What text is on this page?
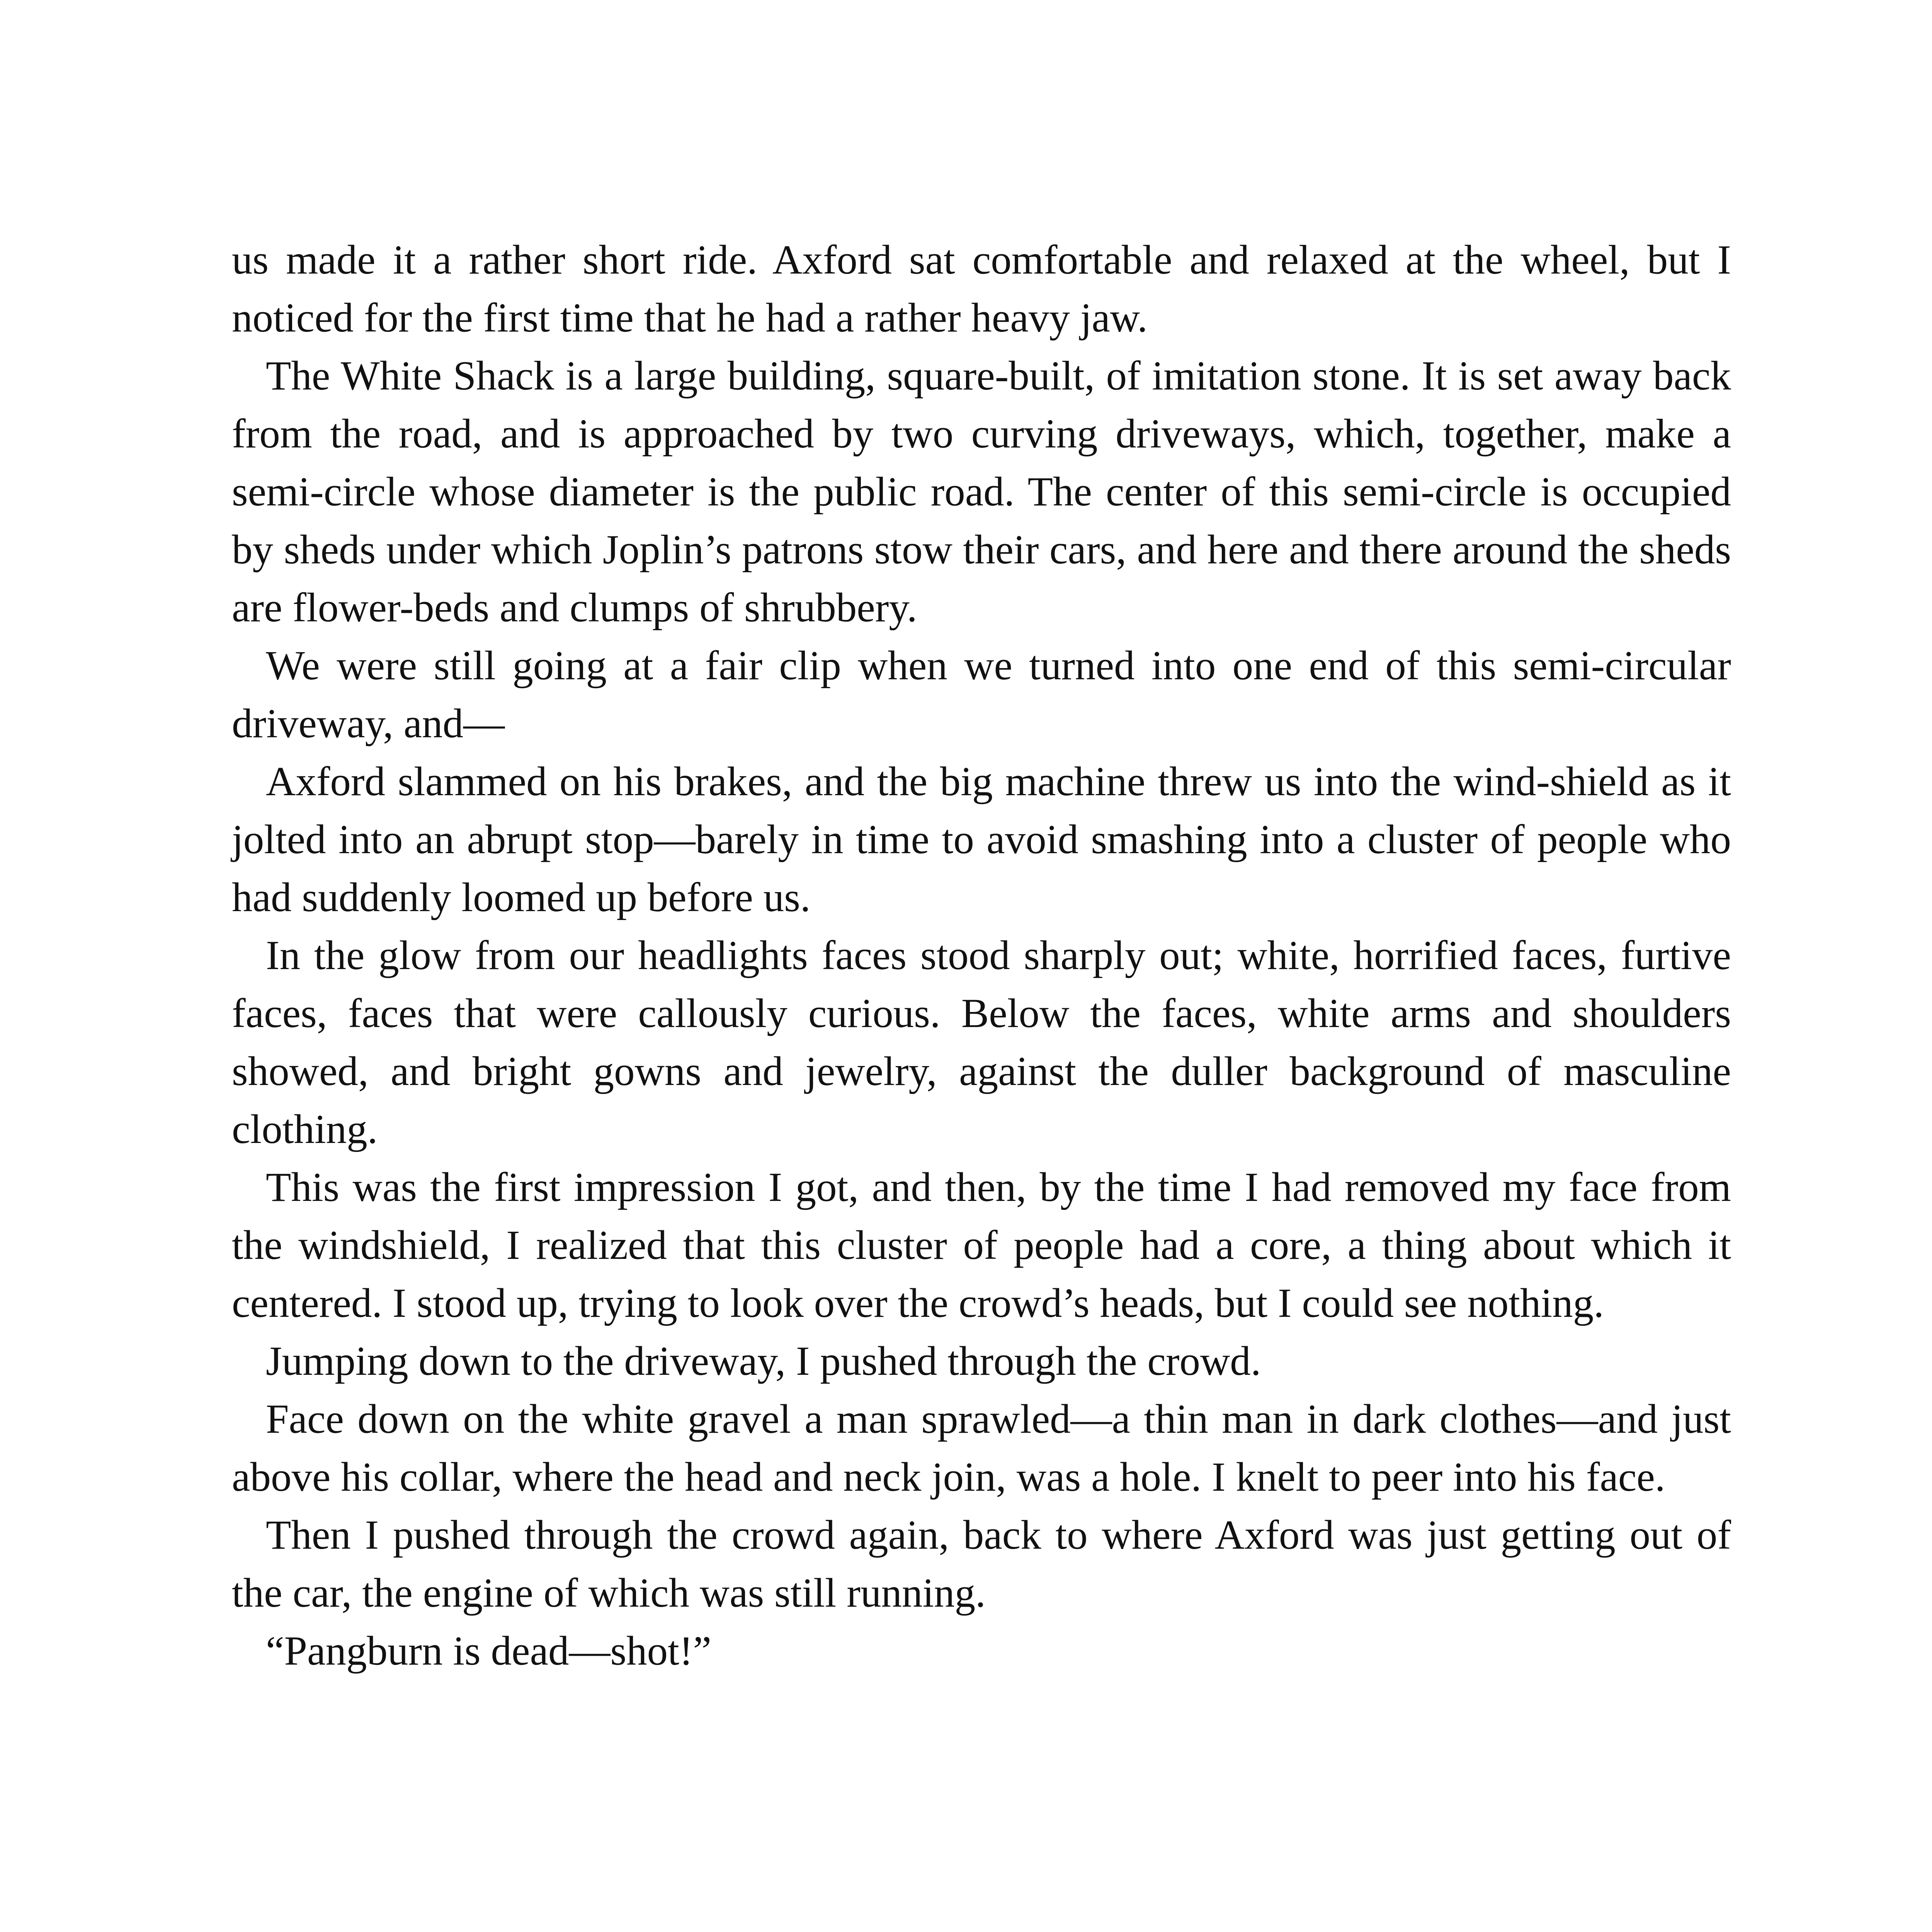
us made it a rather short ride. Axford sat comfortable and relaxed at the wheel, but I noticed for the first time that he had a rather heavy jaw.

The White Shack is a large building, square-built, of imitation stone. It is set away back from the road, and is approached by two curving driveways, which, together, make a semi-circle whose diameter is the public road. The center of this semi-circle is occupied by sheds under which Joplin’s patrons stow their cars, and here and there around the sheds are flower-beds and clumps of shrubbery.

We were still going at a fair clip when we turned into one end of this semi-circular driveway, and—

Axford slammed on his brakes, and the big machine threw us into the wind-shield as it jolted into an abrupt stop—barely in time to avoid smashing into a cluster of people who had suddenly loomed up before us.

In the glow from our headlights faces stood sharply out; white, horrified faces, furtive faces, faces that were callously curious. Below the faces, white arms and shoulders showed, and bright gowns and jewelry, against the duller background of masculine clothing.

This was the first impression I got, and then, by the time I had removed my face from the windshield, I realized that this cluster of people had a core, a thing about which it centered. I stood up, trying to look over the crowd’s heads, but I could see nothing.

Jumping down to the driveway, I pushed through the crowd.

Face down on the white gravel a man sprawled—a thin man in dark clothes—and just above his collar, where the head and neck join, was a hole. I knelt to peer into his face.

Then I pushed through the crowd again, back to where Axford was just getting out of the car, the engine of which was still running.

“Pangburn is dead—shot!”
